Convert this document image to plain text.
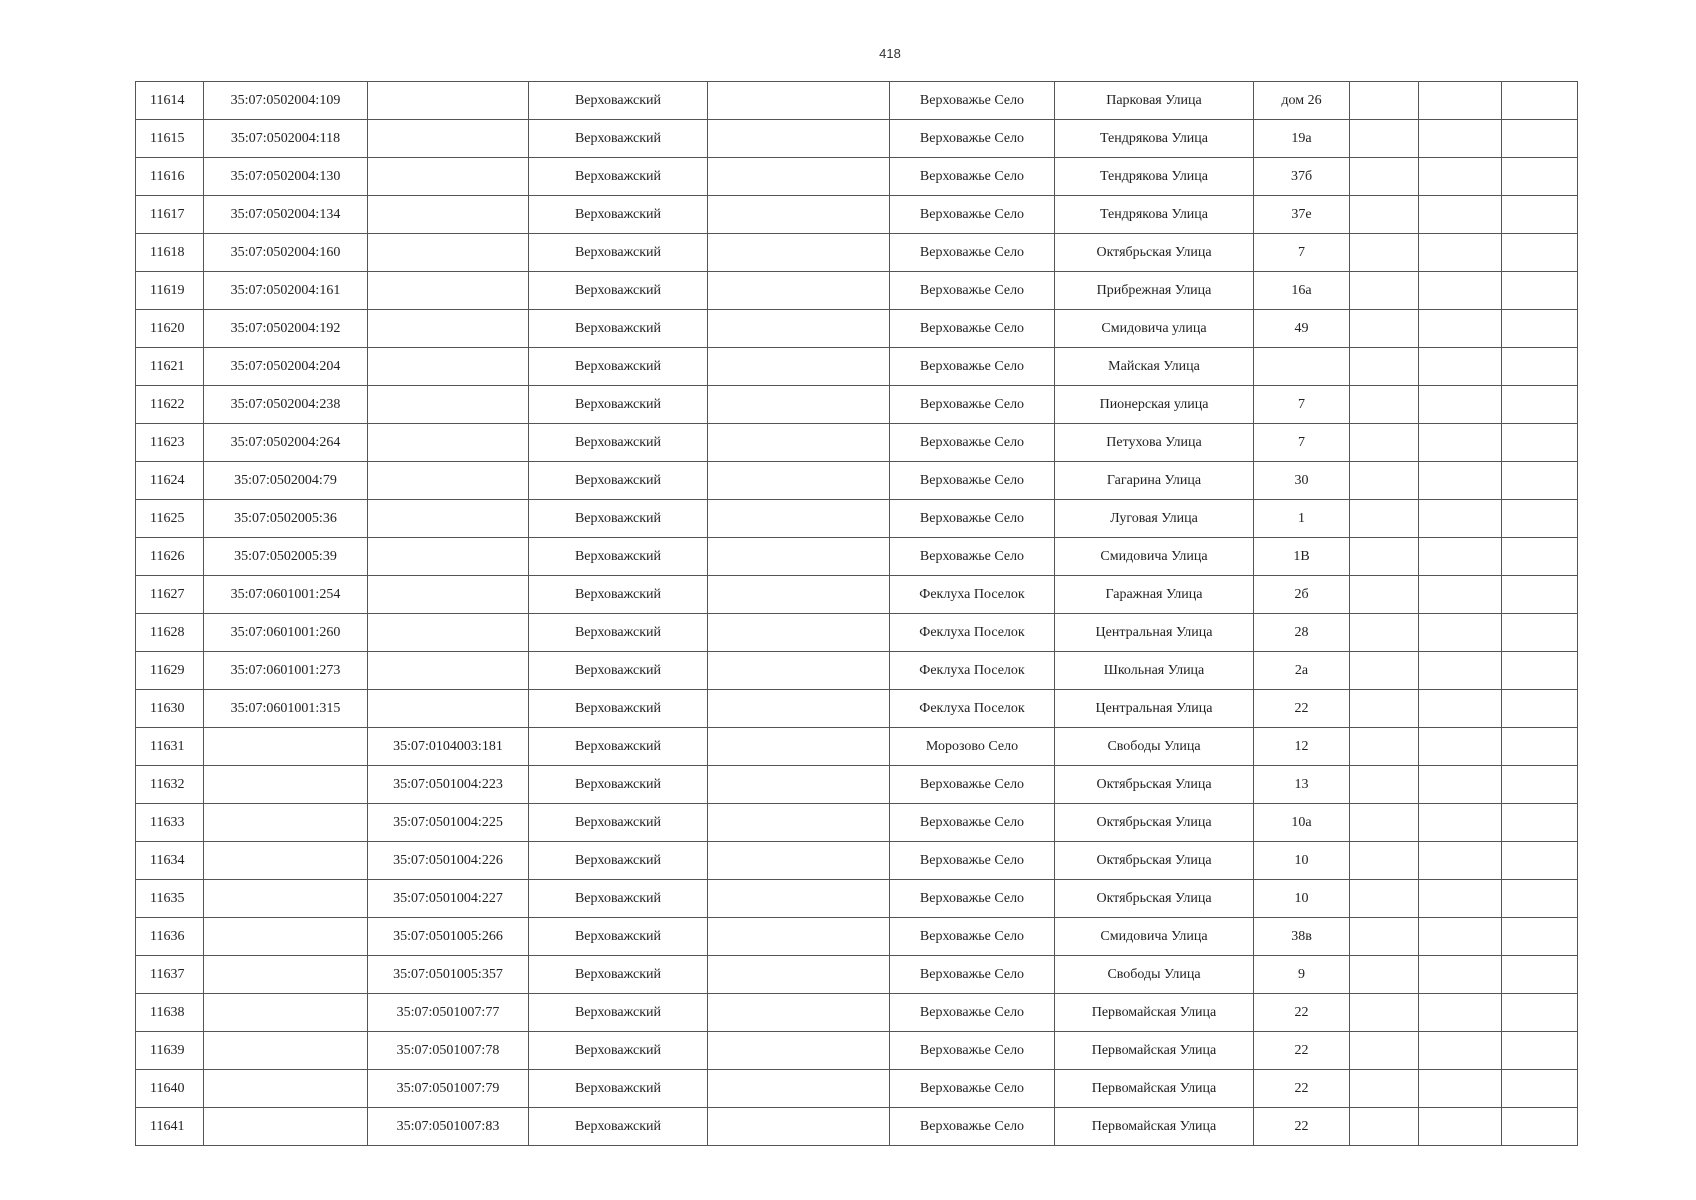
418
11614	35:07:0502004:109		Верховажский		Верховажье Село	Парковая Улица	дом 26			
11615	35:07:0502004:118		Верховажский		Верховажье Село	Тендрякова Улица	19а			
11616	35:07:0502004:130		Верховажский		Верховажье Село	Тендрякова Улица	37б			
11617	35:07:0502004:134		Верховажский		Верховажье Село	Тендрякова Улица	37е			
11618	35:07:0502004:160		Верховажский		Верховажье Село	Октябрьская Улица	7			
11619	35:07:0502004:161		Верховажский		Верховажье Село	Прибрежная Улица	16а			
11620	35:07:0502004:192		Верховажский		Верховажье Село	Смидовича улица	49			
11621	35:07:0502004:204		Верховажский		Верховажье Село	Майская Улица				
11622	35:07:0502004:238		Верховажский		Верховажье Село	Пионерская улица	7			
11623	35:07:0502004:264		Верховажский		Верховажье Село	Петухова Улица	7			
11624	35:07:0502004:79		Верховажский		Верховажье Село	Гагарина Улица	30			
11625	35:07:0502005:36		Верховажский		Верховажье Село	Луговая Улица	1			
11626	35:07:0502005:39		Верховажский		Верховажье Село	Смидовича Улица	1В			
11627	35:07:0601001:254		Верховажский		Феклуха Поселок	Гаражная Улица	2б			
11628	35:07:0601001:260		Верховажский		Феклуха Поселок	Центральная Улица	28			
11629	35:07:0601001:273		Верховажский		Феклуха Поселок	Школьная Улица	2а			
11630	35:07:0601001:315		Верховажский		Феклуха Поселок	Центральная Улица	22			
11631		35:07:0104003:181	Верховажский		Морозово Село	Свободы Улица	12			
11632		35:07:0501004:223	Верховажский		Верховажье Село	Октябрьская Улица	13			
11633		35:07:0501004:225	Верховажский		Верховажье Село	Октябрьская Улица	10а			
11634		35:07:0501004:226	Верховажский		Верховажье Село	Октябрьская Улица	10			
11635		35:07:0501004:227	Верховажский		Верховажье Село	Октябрьская Улица	10			
11636		35:07:0501005:266	Верховажский		Верховажье Село	Смидовича Улица	38в			
11637		35:07:0501005:357	Верховажский		Верховажье Село	Свободы Улица	9			
11638		35:07:0501007:77	Верховажский		Верховажье Село	Первомайская Улица	22			
11639		35:07:0501007:78	Верховажский		Верховажье Село	Первомайская Улица	22			
11640		35:07:0501007:79	Верховажский		Верховажье Село	Первомайская Улица	22			
11641		35:07:0501007:83	Верховажский		Верховажье Село	Первомайская Улица	22			
